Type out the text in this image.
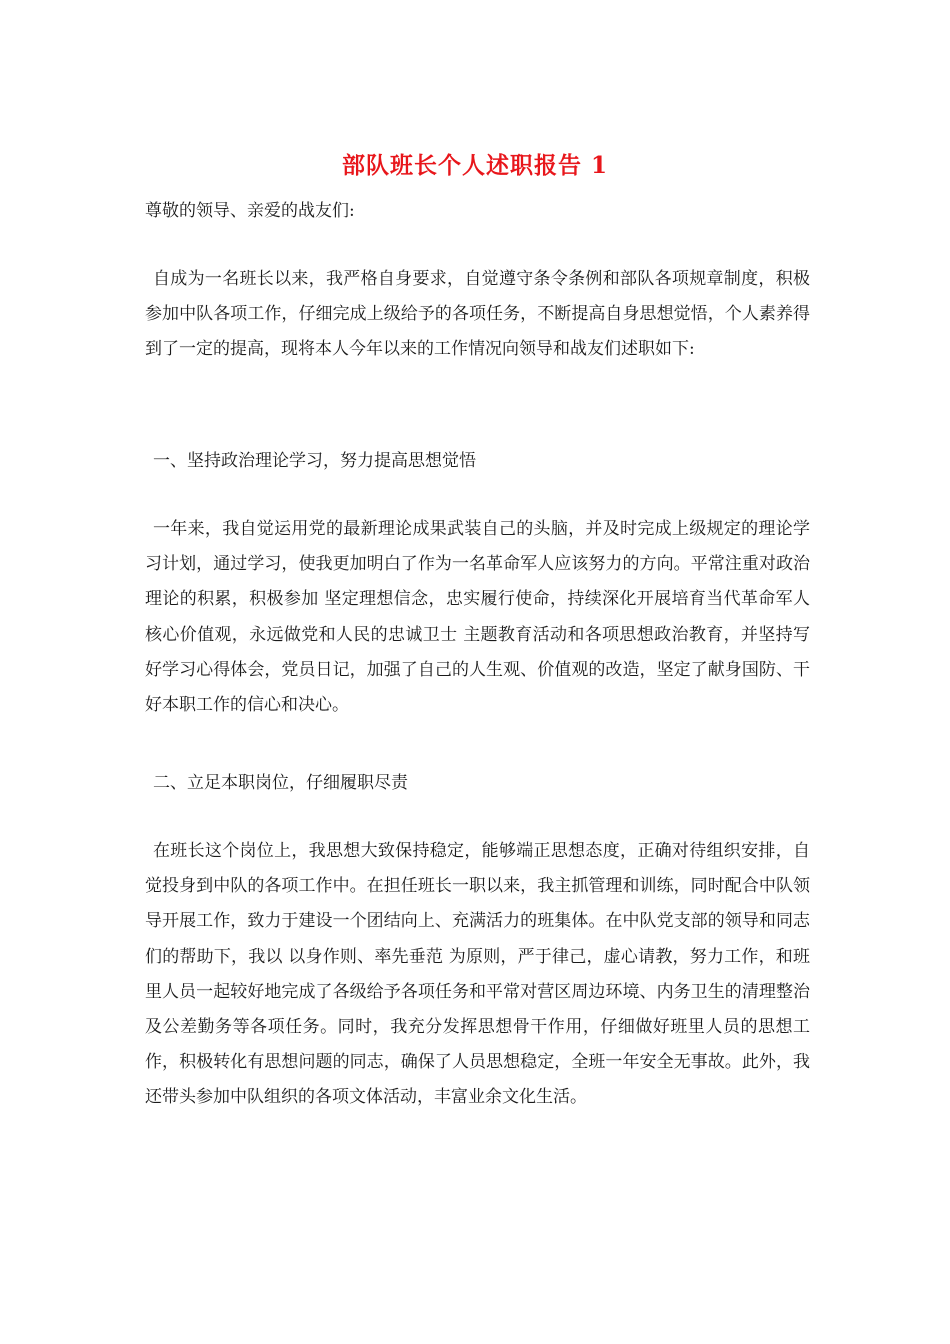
部队班长个人述职报告 1

尊敬的领导、亲爱的战友们:

自成为一名班长以来，我严格自身要求，自觉遵守条令条例和部队各项规章制度，积极参加中队各项工作，仔细完成上级给予的各项任务，不断提高自身思想觉悟，个人素养得到了一定的提高，现将本人今年以来的工作情况向领导和战友们述职如下:

一、坚持政治理论学习，努力提高思想觉悟

一年来，我自觉运用党的最新理论成果武装自己的头脑，并及时完成上级规定的理论学习计划，通过学习，使我更加明白了作为一名革命军人应该努力的方向。平常注重对政治理论的积累，积极参加 坚定理想信念，忠实履行使命，持续深化开展培育当代革命军人核心价值观，永远做党和人民的忠诚卫士 主题教育活动和各项思想政治教育，并坚持写好学习心得体会，党员日记，加强了自己的人生观、价值观的改造，坚定了献身国防、干好本职工作的信心和决心。

二、立足本职岗位，仔细履职尽责

在班长这个岗位上，我思想大致保持稳定，能够端正思想态度，正确对待组织安排，自觉投身到中队的各项工作中。在担任班长一职以来，我主抓管理和训练，同时配合中队领导开展工作，致力于建设一个团结向上、充满活力的班集体。在中队党支部的领导和同志们的帮助下，我以 以身作则、率先垂范 为原则，严于律己，虚心请教，努力工作，和班里人员一起较好地完成了各级给予各项任务和平常对营区周边环境、内务卫生的清理整治及公差勤务等各项任务。同时，我充分发挥思想骨干作用，仔细做好班里人员的思想工作，积极转化有思想问题的同志，确保了人员思想稳定，全班一年安全无事故。此外，我还带头参加中队组织的各项文体活动，丰富业余文化生活。
